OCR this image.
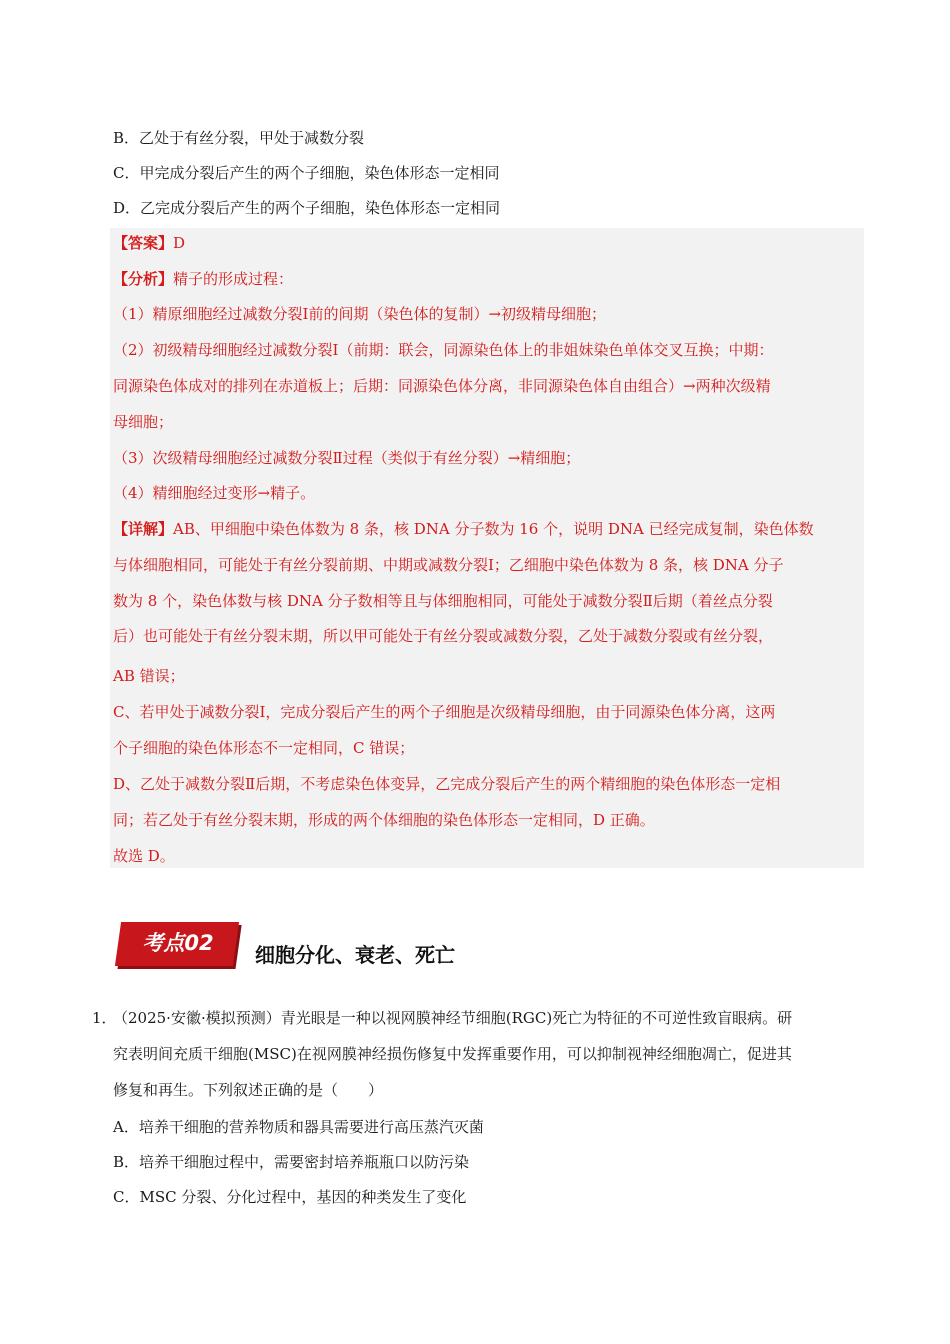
B．乙处于有丝分裂，甲处于减数分裂
C．甲完成分裂后产生的两个子细胞，染色体形态一定相同
D．乙完成分裂后产生的两个子细胞，染色体形态一定相同
【答案】D
【分析】精子的形成过程：
（1）精原细胞经过减数分裂Ⅰ前的间期（染色体的复制）→初级精母细胞；
（2）初级精母细胞经过减数分裂Ⅰ（前期：联会，同源染色体上的非姐妹染色单体交叉互换；中期：
同源染色体成对的排列在赤道板上；后期：同源染色体分离，非同源染色体自由组合）→两种次级精
母细胞；
（3）次级精母细胞经过减数分裂Ⅱ过程（类似于有丝分裂）→精细胞；
（4）精细胞经过变形→精子。
【详解】AB、甲细胞中染色体数为 8 条，核 DNA 分子数为 16 个，说明 DNA 已经完成复制，染色体数
与体细胞相同，可能处于有丝分裂前期、中期或减数分裂Ⅰ；乙细胞中染色体数为 8 条，核 DNA 分子
数为 8 个，染色体数与核 DNA 分子数相等且与体细胞相同，可能处于减数分裂Ⅱ后期（着丝点分裂
后）也可能处于有丝分裂末期，所以甲可能处于有丝分裂或减数分裂，乙处于减数分裂或有丝分裂，
AB 错误；
C、若甲处于减数分裂Ⅰ，完成分裂后产生的两个子细胞是次级精母细胞，由于同源染色体分离，这两
个子细胞的染色体形态不一定相同，C 错误；
D、乙处于减数分裂Ⅱ后期，不考虑染色体变异，乙完成分裂后产生的两个精细胞的染色体形态一定相
同；若乙处于有丝分裂末期，形成的两个体细胞的染色体形态一定相同，D 正确。
故选 D。
考点02	细胞分化、衰老、死亡
1．
（2025·安徽·模拟预测）青光眼是一种以视网膜神经节细胞(RGC)死亡为特征的不可逆性致盲眼病。研
究表明间充质干细胞(MSC)在视网膜神经损伤修复中发挥重要作用，可以抑制视神经细胞凋亡，促进其
修复和再生。下列叙述正确的是（　　）
A．培养干细胞的营养物质和器具需要进行高压蒸汽灭菌
B．培养干细胞过程中，需要密封培养瓶瓶口以防污染
C．MSC 分裂、分化过程中，基因的种类发生了变化
